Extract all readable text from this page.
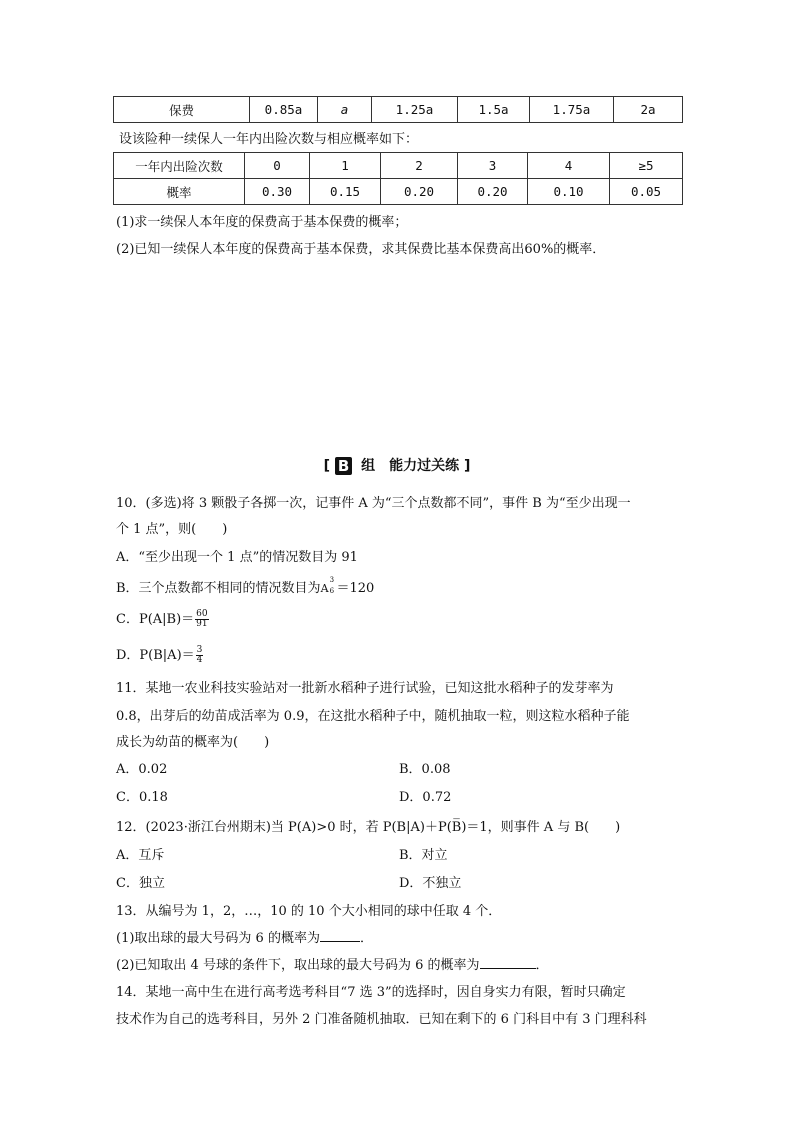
保费	0.85a	a	1.25a	1.5a	1.75a	2a
设该险种一续保人一年内出险次数与相应概率如下：
一年内出险次数	0	1	2	3	4	≥5
概率	0.30	0.15	0.20	0.20	0.10	0.05
(1)求一续保人本年度的保费高于基本保费的概率；
(2)已知一续保人本年度的保费高于基本保费，求其保费比基本保费高出60%的概率．
[ B 组　能力过关练 ]
10．(多选)将 3 颗骰子各掷一次，记事件 A 为“三个点数都不同”，事件 B 为“至少出现一
个 1 点”，则(　　)
A．“至少出现一个 1 点”的情况数目为 91
B．三个点数都不相同的情况数目为A
3
6 ＝120
C．$P(A|B)= \frac{60}{91}$
D．$P(B|A)= \frac{3}{4}$
11．某地一农业科技实验站对一批新水稻种子进行试验，已知这批水稻种子的发芽率为
0.8，出芽后的幼苗成活率为 0.9，在这批水稻种子中，随机抽取一粒，则这粒水稻种子能
成长为幼苗的概率为(　　)
A．0.02	B．0.08
C．0.18	D．0.72
12．(2023·浙江台州期末)当 P(A)>0 时，若 P(B|A)＋P(B̅)＝1，则事件 A 与 B(　　)
A．互斥	B．对立
C．独立	D．不独立
13．从编号为 1，2，…，10 的 10 个大小相同的球中任取 4 个．
(1)取出球的最大号码为 6 的概率为	．
(2)已知取出 4 号球的条件下，取出球的最大号码为 6 的概率为	．
14．某地一高中生在进行高考选考科目“7 选 3”的选择时，因自身实力有限，暂时只确定
技术作为自己的选考科目，另外 2 门准备随机抽取．已知在剩下的 6 门科目中有 3 门理科科
